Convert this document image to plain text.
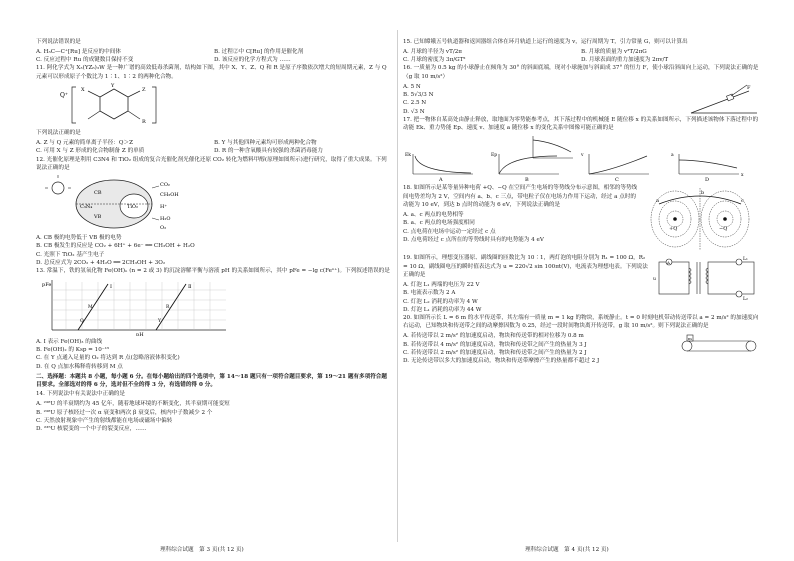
下列说法错误的是
A. H₃C—C⁺[Ru] 是反应的中间体	B. 过程②中 C[Ru] 的作用是催化剂
C. 反应过程中 Ru 的成键数目保持不变	D. 该反应的化学方程式为 ……
11. 阿化学式为 X₃(YZ₆)₃W 是一种广谱的高效低毒杀菌剂，结构如下图，其中 X、Y、Z、Q 和 R 是原子序数依次增大的短周期元素，Z 与 Q 元素可以形成原子个数比为 1∶1、1∶2 的两种化合物。
Q⁺
X
Y
Z
R
下列说法正确的是
A. Z 与 Q 元素的简单离子半径：Q＞Z	B. Y 与其他四种元素均可形成两种化合物
C. 可用 X 与 Z 形成的化合物制备 Z 的单质	D. R 的一种含氧酸具有较强的杀菌消毒能力
12. 光催化原理是利用 C3N4 和 TiO₂ 组成的复合光催化剂光催化还原 CO₂ 转化为燃料甲醇(原理如图所示)进行研究，取得了重大成果。下列说法正确的是
CB
VB
TiO₂
C₃N₄
CO₂
CH₃OH
H⁺
H₂O
O₂
A. CB 极的电势低于 VB 极的电势
B. CB 极发生的反应是 CO₂ + 6H⁺ + 6e⁻ ══ CH₃OH + H₂O
C. 光照下 TiO₂ 基产生电子
D. 总反应式为 2CO₂ + 4H₂O ══ 2CH₃OH + 3O₂
13. 常温下，铁的氢氧化物 Fe(OH)ₙ (n = 2 或 3) 的沉淀溶解平衡与溶液 pH 的关系如图所示，其中 pFe = −lg c(Feⁿ⁺)。下列叙述错误的是
pFe
pH
Ⅰ	Ⅱ
M
Q
R
Y
A. Ⅰ 表示 Fe(OH)₃ 的曲线
B. Fe(OH)₂ 的 Ksp = 10⁻¹⁵
C. 在 Y 点通入足量的 O₂ 将达到 R 点(忽略溶液体积变化)
D. 在 Q 点加水稀释将转移到 M 点
二、选择题：本题共 8 小题，每小题 6 分。在每小题给出的四个选项中，第 14～18 题只有一项符合题目要求，第 19～21 题有多项符合题目要求。全部选对的得 6 分，选对但不全的得 3 分，有选错的得 0 分。
14. 下列说法中有关说法中正确的是
A. ²³⁸U 的半衰期约为 45 亿年，随着地球环境的不断变化，其半衰期可能变短
B. ²³⁸U 原子核经过一次 α 衰变和两次 β 衰变后，核内中子数减少 2 个
C. 天然放射现象中产生的射线都能在电场或磁场中偏转
D. ²³⁵U 核裂变的一个中子的裂变反应，……
15. 已知嫦娥五号轨道器和返回器组合体在环月轨道上运行的速度为 v，运行周期为 T，引力常量 G，则可以计算出
A. 月球的半径为 vT/2π	B. 月球的质量为 v³T/2πG
C. 月球的密度为 3π/GT²	D. 月球表面的重力加速度为 2πv/T
16. 一质量为 0.5 kg 的小球静止在倾角为 30° 的斜面底端，现对小球施加与斜面成 37° 的恒力 F，使小球沿斜面向上运动，下列说法正确的是（g 取 10 m/s²）
A. 5 N
B. 5√3/3 N
C. 2.5 N
D. √3 N
F
17. 把一物体自某高处由静止释放，取地面为零势能参考点，其下落过程中的机械能 E 随位移 x 的关系如图所示，下列描述该物体下落过程中的动能 Ek、重力势能 Ep、速度 v、加速度 a 随位移 x 的变化关系中图像可能正确的是
A
Ek
B
Ep
C
v
D
a
x
18. 如图所示是某等量异种电荷 +Q、−Q 在空间产生电场的等势线分布示意图，相邻的等势线间电势差均为 2 V，空间内有 a、b、c 三点，带电粒子仅在电场力作用下运动，经过 a 点时的动能为 10 eV，到达 b 点时的动能为 6 eV，下列说法正确的是
A. a、c 两点的电势相等
B. a、c 两点的电场强度相同
C. 点电荷在电场中运动一定经过 c 点
D. 点电荷经过 c 点所在的等势线时具有的电势能为 4 eV
+Q	−Q
a
b
c
19. 如图所示，理想变压器原、副线圈的匝数比为 10∶1，两灯泡的电阻分别为 R₁ = 100 Ω，R₂ = 10 Ω，副线圈电压的瞬时值表达式为 u = 220√2 sin 100πt(V)，电流表为理想电表。下列说法正确的是
A. 灯泡 L₁ 两端的电压为 22 V
B. 电流表示数为 2 A
C. 灯泡 L₂ 消耗的功率为 4 W
D. 灯泡 L₁ 消耗的功率为 44 W
A
L₁
L₂
u
20. 如图所示长 L = 6 m 的水平传送带，其左端有一质量 m = 1 kg 的物块，系统静止。t = 0 时刻电机带动传送带以 a = 2 m/s² 的加速度向右运动，已知物块和传送带之间的动摩擦因数为 0.25，经过一段时间物块离开传送带，g 取 10 m/s²。则下列说法正确的是
A. 若传送带以 2 m/s² 的加速度启动，物块和传送带的相对位移为 0.8 m
B. 若传送带以 4 m/s² 的加速度启动，物块和传送带之间产生的热量为 3 J
C. 若传送带以 2 m/s² 的加速度启动，物块和传送带之间产生的热量为 2 J
D. 无论传送带以多大的加速度启动，物块和传送带摩擦产生的热量都不超过 2 J
m
理科综合试题　第 3 页(共 12 页)	理科综合试题　第 4 页(共 12 页)
